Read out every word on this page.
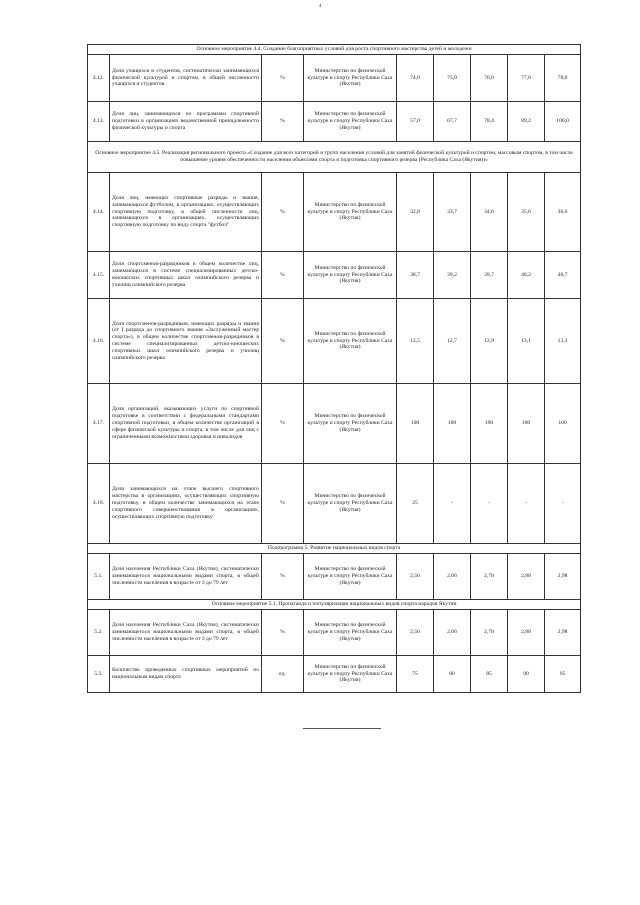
4
Основное мероприятие 4.4. Создание благоприятных условий для роста спортивного мастерства детей и молодежи								
4.12.	Доля учащихся и студентов, систематически занимающихся физической культурой и спортом, в общей численности учащихся и студентов	%	Министерство по физической культуре и спорту Республики Саха (Якутия)	74,0	75,0	76,0	77,0	78,0
4.13.	Доля лиц, занимающихся по программам спортивной подготовки в организациях ведомственной принадлежности физической культуры и спорта	%	Министерство по физической культуре и спорту Республики Саха (Якутия)	57,0	67,7	78,4	89,2	100,0
Основное мероприятие 4.5. Реализация регионального проекта «Создание для всех категорий и групп населения условий для занятий физической культурой и спортом, массовым спортом, в том числе повышение уровня обеспеченности населения объектами спорта и подготовка спортивного резерва (Республика Саха (Якутия))»								
4.14.	Доля лиц, имеющих спортивные разряды и звания, занимающихся футболом, в организациях, осуществляющих спортивную подготовку, в общей численности лиц, занимающихся в организациях, осуществляющих спортивную подготовку по виду спорта "футбол"	%	Министерство по физической культуре и спорту Республики Саха (Якутия)	32,8	33,7	34,6	35,6	36,6
4.15.	Доля спортсменов-разрядников в общем количестве лиц, занимающихся в системе специализированных детско-юношеских спортивных школ олимпийского резерва и училищ олимпийского резерва	%	Министерство по физической культуре и спорту Республики Саха (Якутия)	38,7	39,2	39,7	40,2	40,7
4.16.	Доля спортсменов-разрядников, имеющих разряды и звания (от I разряда до спортивного звания «Заслуженный мастер спорта»), в общем количестве спортсменов-разрядников в системе специализированных детско-юношеских спортивных школ олимпийского резерва и училищ олимпийского резерва	%	Министерство по физической культуре и спорту Республики Саха (Якутия)	12,5	12,7	12,9	13,1	13,3
4.17.	Доля организаций, оказывающих услуги по спортивной подготовке в соответствии с федеральными стандартами спортивной подготовки, в общем количестве организаций в сфере физической культуры и спорта, в том числе для лиц с ограниченными возможностями здоровья и инвалидов	%	Министерство по физической культуре и спорту Республики Саха (Якутия)	100	100	100	100	100
4.18.	Доля занимающихся на этапе высшего спортивного мастерства в организациях, осуществляющих спортивную подготовку, в общем количестве занимающихся на этапе спортивного совершенствования в организациях, осуществляющих спортивную подготовку	%	Министерство по физической культуре и спорту Республики Саха (Якутия)	25	-	-	-	-
Подпрограмма 5. Развитие национальных видов спорта								
5.1.	Доля населения Республики Саха (Якутия), систематически занимающегося национальными видами спорта, в общей численности населения в возрасте от 3 до 79 лет	%	Министерство по физической культуре и спорту Республики Саха (Якутия)	2,56	2,66	2,78	2,88	2,98
Основное мероприятие 5.1. Пропаганда и популяризация национальных видов спорта народов Якутии								
5.2.	Доля населения Республики Саха (Якутия), систематически занимающегося национальными видами спорта, в общей численности населения в возрасте от 3 до 79 лет	%	Министерство по физической культуре и спорту Республики Саха (Якутия)	2,56	2,66	2,78	2,88	2,98
5.3.	Количество проведенных спортивных мероприятий по национальным видам спорта	ед.	Министерство по физической культуре и спорту Республики Саха (Якутия)	75	80	85	90	95
